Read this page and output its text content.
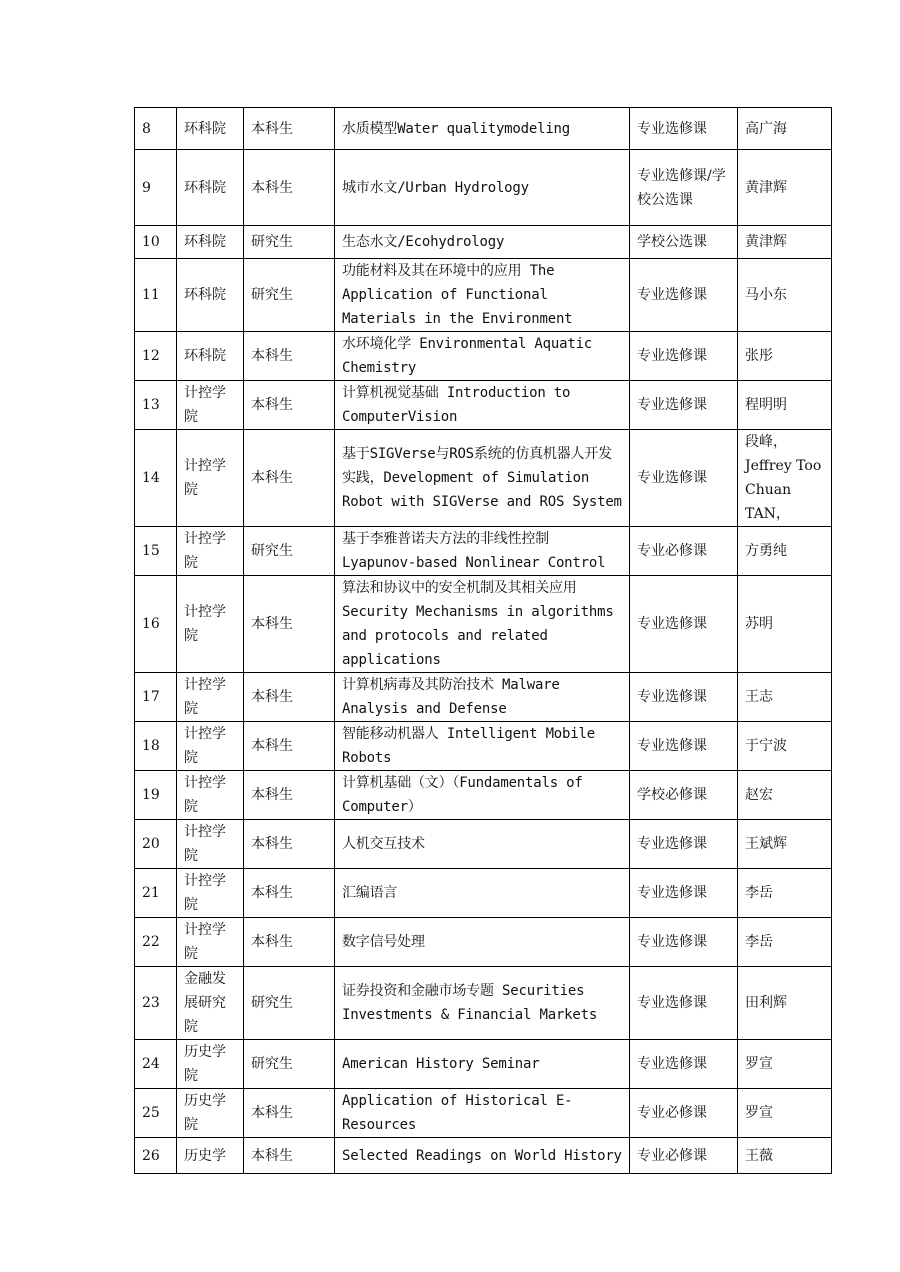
8	环科院	本科生	水质模型Water qualitymodeling	专业选修课	高广海
9	环科院	本科生	城市水文/Urban Hydrology	专业选修课/学校公选课	黄津辉
10	环科院	研究生	生态水文/Ecohydrology	学校公选课	黄津辉
11	环科院	研究生	功能材料及其在环境中的应用 The Application of Functional Materials in the Environment	专业选修课	马小东
12	环科院	本科生	水环境化学 Environmental Aquatic Chemistry	专业选修课	张彤
13	计控学院	本科生	计算机视觉基础 Introduction to ComputerVision	专业选修课	程明明
14	计控学院	本科生	基于SIGVerse与ROS系统的仿真机器人开发实践，Development of Simulation Robot with SIGVerse and ROS System	专业选修课	段峰，Jeffrey Too Chuan TAN，
15	计控学院	研究生	基于李雅普诺夫方法的非线性控制 Lyapunov-based Nonlinear Control	专业必修课	方勇纯
16	计控学院	本科生	算法和协议中的安全机制及其相关应用 Security Mechanisms in algorithms and protocols and related applications	专业选修课	苏明
17	计控学院	本科生	计算机病毒及其防治技术 Malware Analysis and Defense	专业选修课	王志
18	计控学院	本科生	智能移动机器人 Intelligent Mobile Robots	专业选修课	于宁波
19	计控学院	本科生	计算机基础（文）（Fundamentals of Computer）	学校必修课	赵宏
20	计控学院	本科生	人机交互技术	专业选修课	王斌辉
21	计控学院	本科生	汇编语言	专业选修课	李岳
22	计控学院	本科生	数字信号处理	专业选修课	李岳
23	金融发展研究院	研究生	证券投资和金融市场专题 Securities Investments & Financial Markets	专业选修课	田利辉
24	历史学院	研究生	American History Seminar	专业选修课	罗宣
25	历史学院	本科生	Application of Historical E-Resources	专业必修课	罗宣
26	历史学	本科生	Selected Readings on World History	专业必修课	王薇
